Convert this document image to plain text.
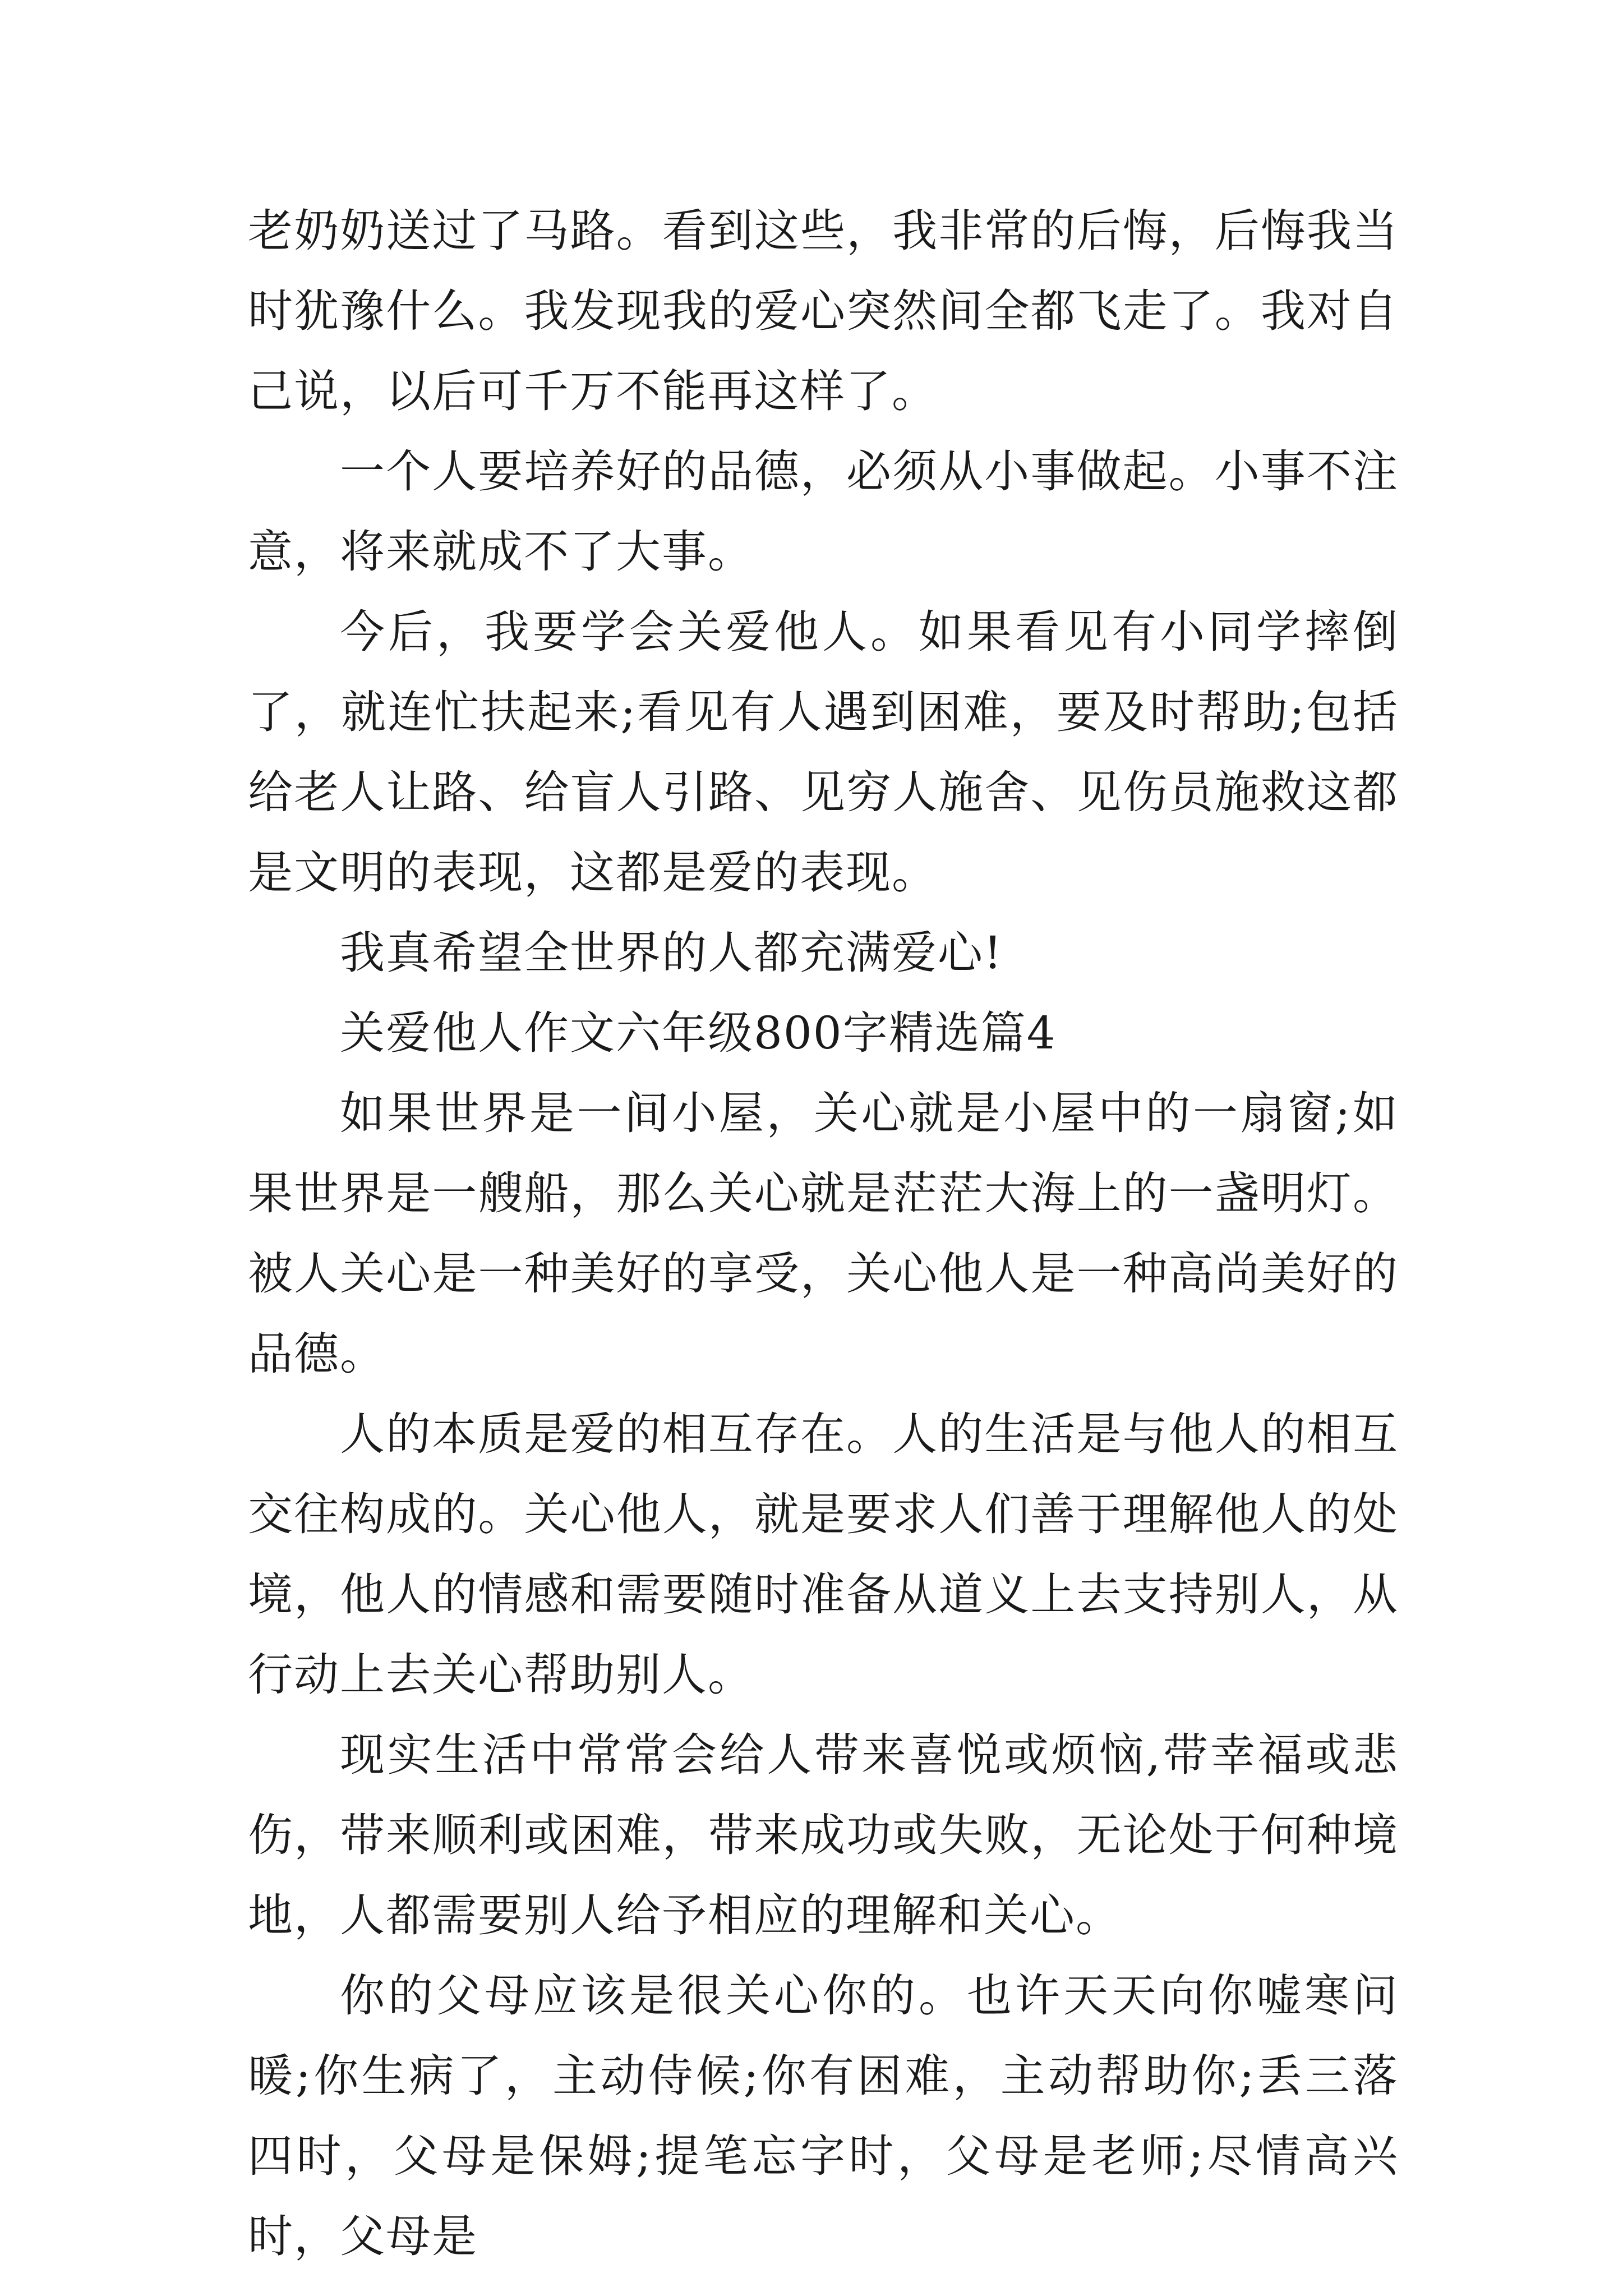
老奶奶送过了马路。看到这些，我非常的后悔，后悔我当时犹豫什么。我发现我的爱心突然间全都飞走了。我对自己说，以后可千万不能再这样了。

一个人要培养好的品德，必须从小事做起。小事不注意，将来就成不了大事。

今后，我要学会关爱他人。如果看见有小同学摔倒了，就连忙扶起来;看见有人遇到困难，要及时帮助;包括给老人让路、给盲人引路、见穷人施舍、见伤员施救这都是文明的表现，这都是爱的表现。

我真希望全世界的人都充满爱心!

关爱他人作文六年级800字精选篇4

如果世界是一间小屋，关心就是小屋中的一扇窗;如果世界是一艘船，那么关心就是茫茫大海上的一盏明灯。被人关心是一种美好的享受，关心他人是一种高尚美好的品德。

人的本质是爱的相互存在。人的生活是与他人的相互交往构成的。关心他人，就是要求人们善于理解他人的处境，他人的情感和需要随时准备从道义上去支持别人，从行动上去关心帮助别人。

现实生活中常常会给人带来喜悦或烦恼,带幸福或悲伤，带来顺利或困难，带来成功或失败，无论处于何种境地，人都需要别人给予相应的理解和关心。

你的父母应该是很关心你的。也许天天向你嘘寒问暖;你生病了，主动侍候;你有困难，主动帮助你;丢三落四时，父母是保姆;提笔忘字时，父母是老师;尽情高兴时，父母是
